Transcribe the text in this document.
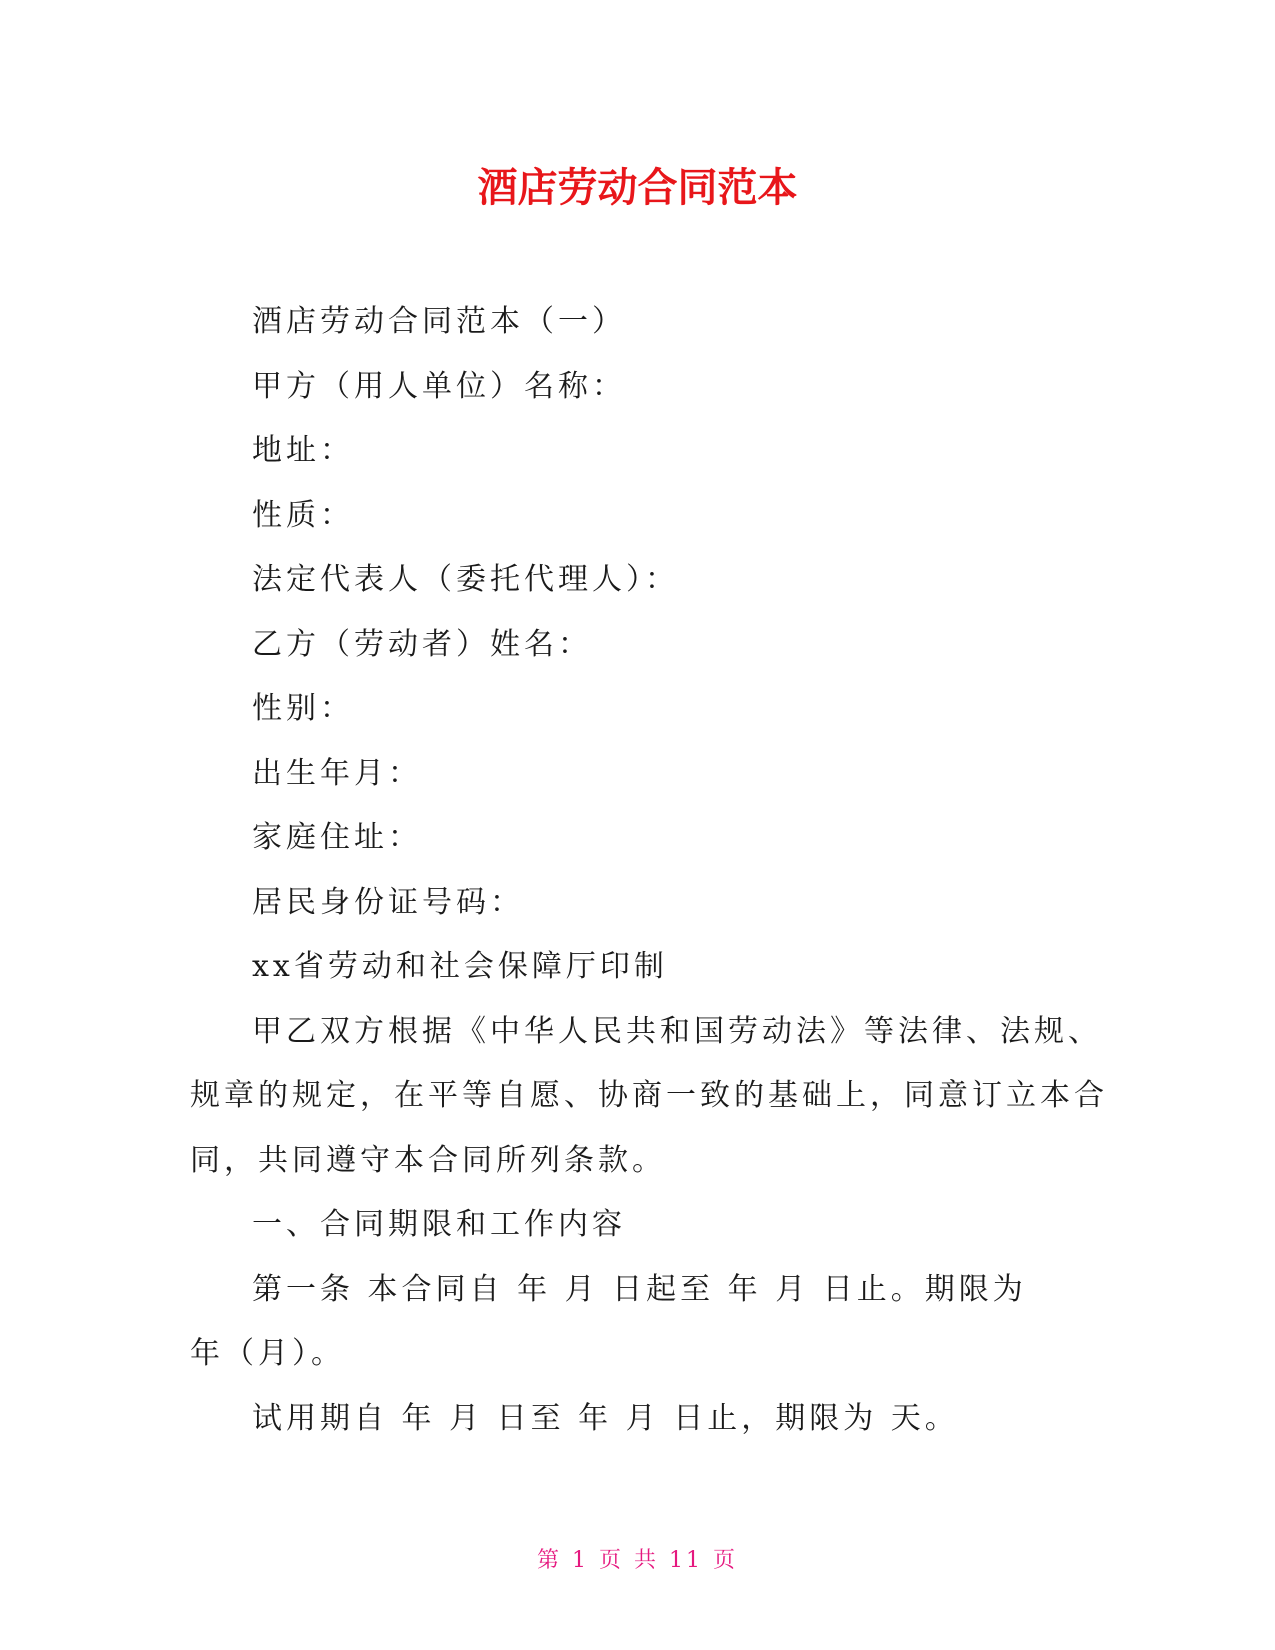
酒店劳动合同范本

酒店劳动合同范本（一）

甲方（用人单位）名称：

地址：

性质：

法定代表人（委托代理人）：

乙方（劳动者）姓名：

性别：

出生年月：

家庭住址：

居民身份证号码：

xx省劳动和社会保障厅印制

甲乙双方根据《中华人民共和国劳动法》等法律、法规、

规章的规定，在平等自愿、协商一致的基础上，同意订立本合

同，共同遵守本合同所列条款。

一、合同期限和工作内容

第一条 本合同自 年 月 日起至 年 月 日止。期限为

年（月）。

试用期自 年 月 日至 年 月 日止，期限为 天。

第 1 页 共 11 页
